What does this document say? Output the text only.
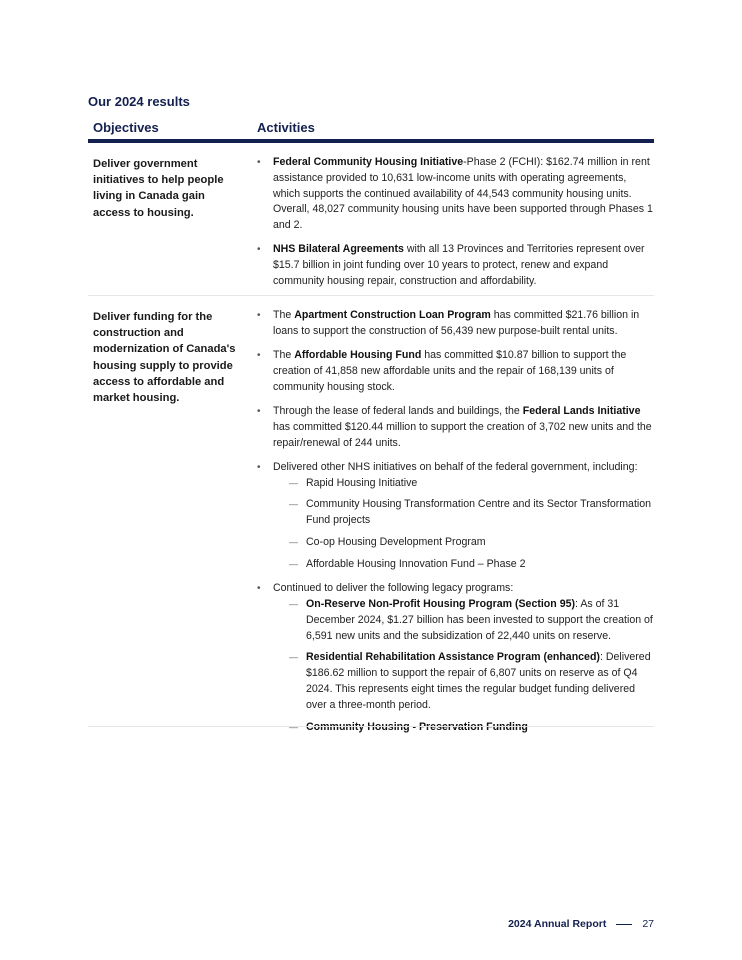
Our 2024 results
Objectives	Activities
Deliver government initiatives to help people living in Canada gain access to housing.
• Federal Community Housing Initiative-Phase 2 (FCHI): $162.74 million in rent assistance provided to 10,631 low-income units with operating agreements, which supports the continued availability of 44,543 community housing units. Overall, 48,027 community housing units have been supported through Phases 1 and 2.
• NHS Bilateral Agreements with all 13 Provinces and Territories represent over $15.7 billion in joint funding over 10 years to protect, renew and expand community housing repair, construction and affordability.
Deliver funding for the construction and modernization of Canada's housing supply to provide access to affordable and market housing.
• The Apartment Construction Loan Program has committed $21.76 billion in loans to support the construction of 56,439 new purpose-built rental units.
• The Affordable Housing Fund has committed $10.87 billion to support the creation of 41,858 new affordable units and the repair of 168,139 units of community housing stock.
• Through the lease of federal lands and buildings, the Federal Lands Initiative has committed $120.44 million to support the creation of 3,702 new units and the repair/renewal of 244 units.
• Delivered other NHS initiatives on behalf of the federal government, including:
— Rapid Housing Initiative
— Community Housing Transformation Centre and its Sector Transformation Fund projects
— Co-op Housing Development Program
— Affordable Housing Innovation Fund – Phase 2
• Continued to deliver the following legacy programs:
— On-Reserve Non-Profit Housing Program (Section 95): As of 31 December 2024, $1.27 billion has been invested to support the creation of 6,591 new units and the subsidization of 22,440 units on reserve.
— Residential Rehabilitation Assistance Program (enhanced): Delivered $186.62 million to support the repair of 6,807 units on reserve as of Q4 2024. This represents eight times the regular budget funding delivered over a three-month period.
—
2024 Annual Report	27
